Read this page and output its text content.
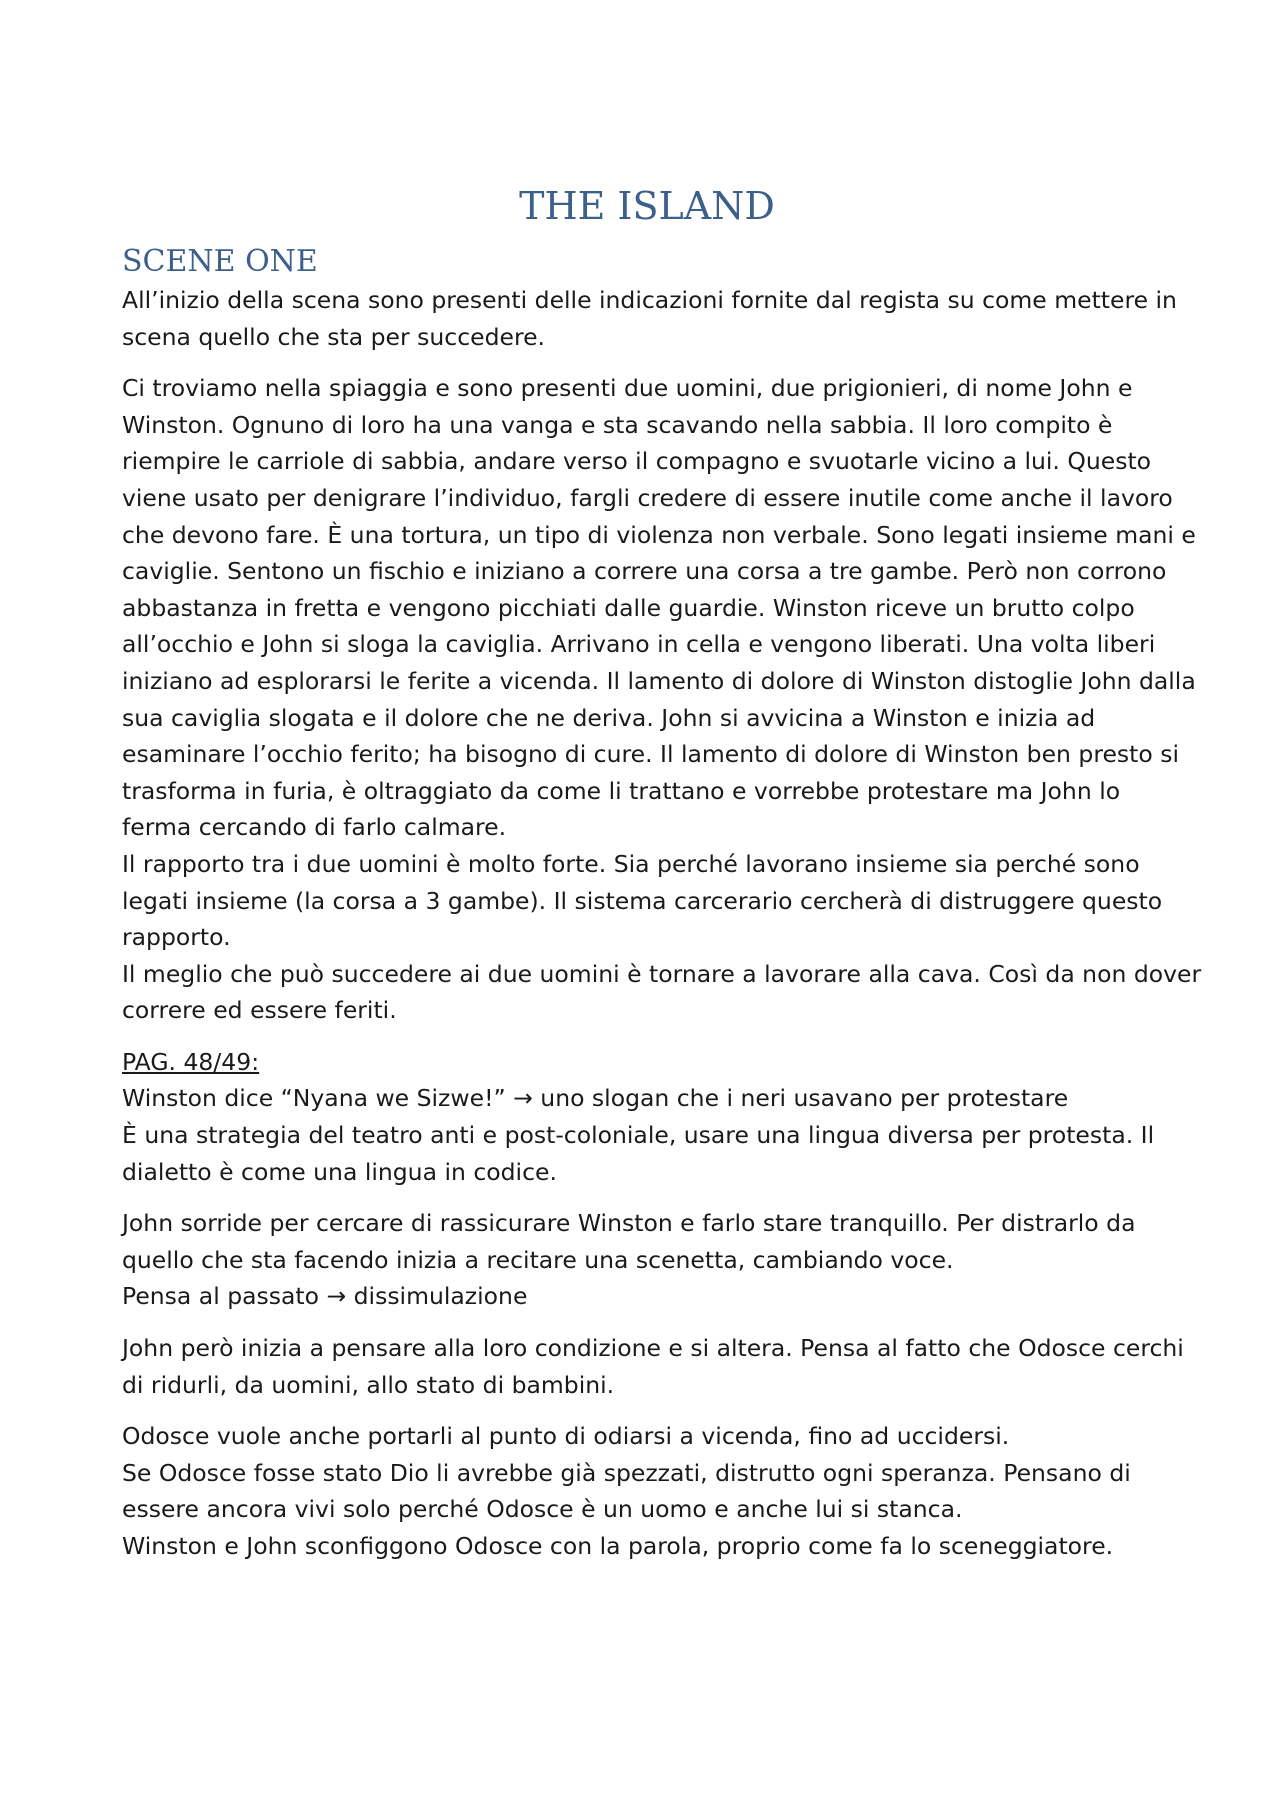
THE ISLAND
SCENE ONE

All’inizio della scena sono presenti delle indicazioni fornite dal regista su come mettere in
scena quello che sta per succedere.

Ci troviamo nella spiaggia e sono presenti due uomini, due prigionieri, di nome John e
Winston. Ognuno di loro ha una vanga e sta scavando nella sabbia. Il loro compito è
riempire le carriole di sabbia, andare verso il compagno e svuotarle vicino a lui. Questo
viene usato per denigrare l’individuo, fargli credere di essere inutile come anche il lavoro
che devono fare. È una tortura, un tipo di violenza non verbale. Sono legati insieme mani e
caviglie. Sentono un fischio e iniziano a correre una corsa a tre gambe. Però non corrono
abbastanza in fretta e vengono picchiati dalle guardie. Winston riceve un brutto colpo
all’occhio e John si sloga la caviglia. Arrivano in cella e vengono liberati. Una volta liberi
iniziano ad esplorarsi le ferite a vicenda. Il lamento di dolore di Winston distoglie John dalla
sua caviglia slogata e il dolore che ne deriva. John si avvicina a Winston e inizia ad
esaminare l’occhio ferito; ha bisogno di cure. Il lamento di dolore di Winston ben presto si
trasforma in furia, è oltraggiato da come li trattano e vorrebbe protestare ma John lo
ferma cercando di farlo calmare.
Il rapporto tra i due uomini è molto forte. Sia perché lavorano insieme sia perché sono
legati insieme (la corsa a 3 gambe). Il sistema carcerario cercherà di distruggere questo
rapporto.
Il meglio che può succedere ai due uomini è tornare a lavorare alla cava. Così da non dover
correre ed essere feriti.

PAG. 48/49:
Winston dice “Nyana we Sizwe!” → uno slogan che i neri usavano per protestare
È una strategia del teatro anti e post-coloniale, usare una lingua diversa per protesta. Il
dialetto è come una lingua in codice.

John sorride per cercare di rassicurare Winston e farlo stare tranquillo. Per distrarlo da
quello che sta facendo inizia a recitare una scenetta, cambiando voce.
Pensa al passato → dissimulazione

John però inizia a pensare alla loro condizione e si altera. Pensa al fatto che Odosce cerchi
di ridurli, da uomini, allo stato di bambini.

Odosce vuole anche portarli al punto di odiarsi a vicenda, fino ad uccidersi.
Se Odosce fosse stato Dio li avrebbe già spezzati, distrutto ogni speranza. Pensano di
essere ancora vivi solo perché Odosce è un uomo e anche lui si stanca.
Winston e John sconfiggono Odosce con la parola, proprio come fa lo sceneggiatore.
